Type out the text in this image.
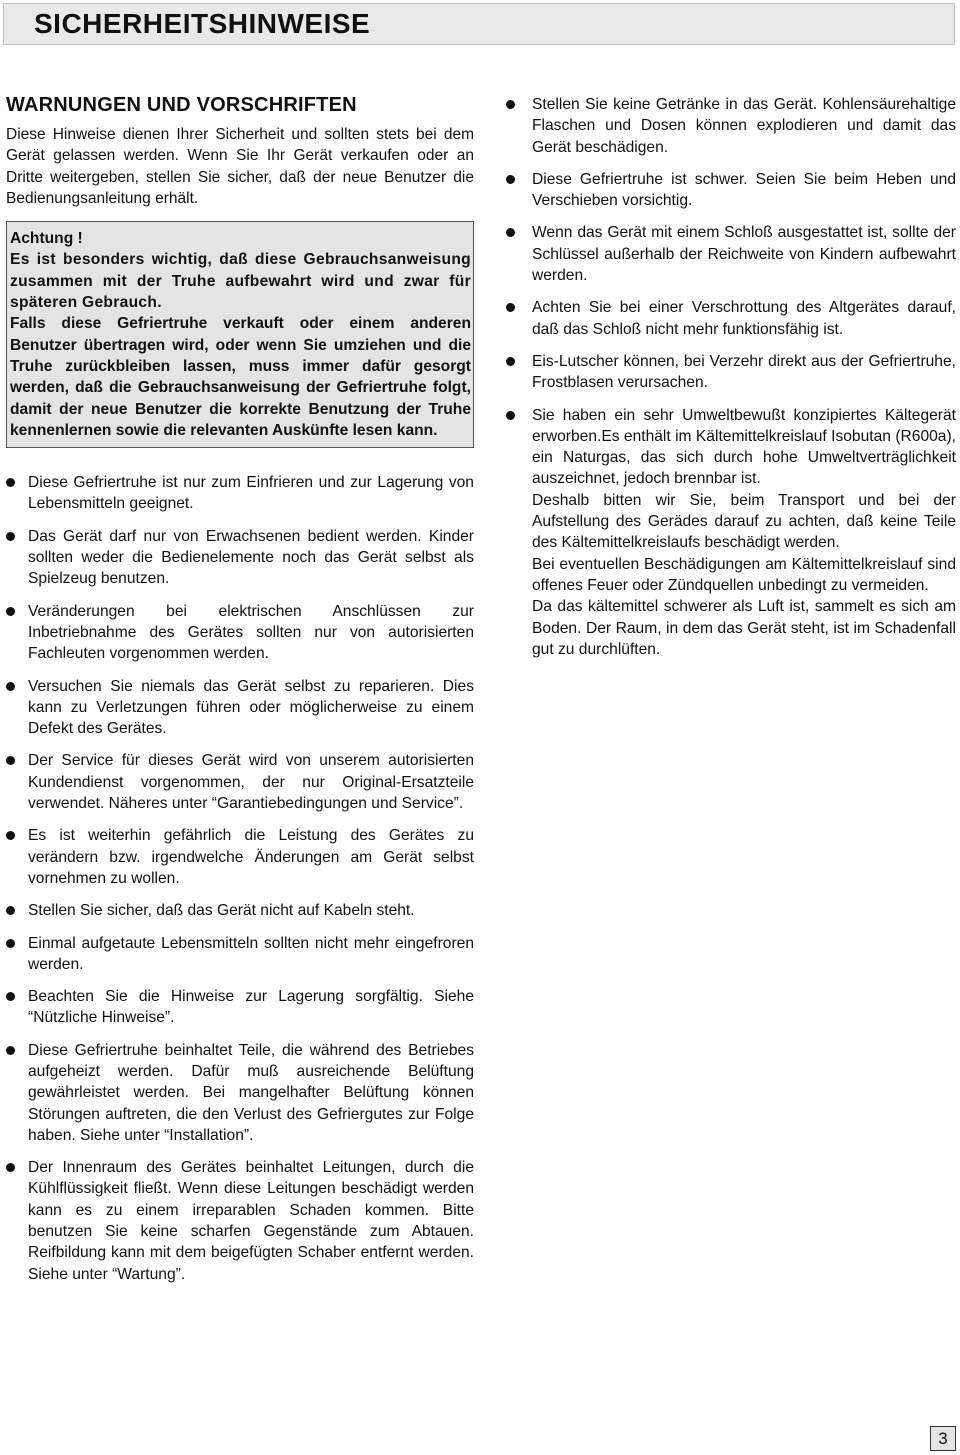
SICHERHEITSHINWEISE
WARNUNGEN UND VORSCHRIFTEN

Diese Hinweise dienen Ihrer Sicherheit und sollten stets bei dem Gerät gelassen werden. Wenn Sie Ihr Gerät verkaufen oder an Dritte weitergeben, stellen Sie sicher, daß der neue Benutzer die Bedienungsanleitung erhält.

Achtung !

Es ist besonders wichtig, daß diese Gebrauchsanweisung zusammen mit der Truhe aufbewahrt wird und zwar für späteren Gebrauch.

Falls diese Gefriertruhe verkauft oder einem anderen Benutzer übertragen wird, oder wenn Sie umziehen und die Truhe zurückbleiben lassen, muss immer dafür gesorgt werden, daß die Gebrauchsanweisung der Gefriertruhe folgt, damit der neue Benutzer die korrekte Benutzung der Truhe kennenlernen sowie die relevanten Auskünfte lesen kann.

Diese Gefriertruhe ist nur zum Einfrieren und zur Lagerung von Lebensmitteln geeignet.
Das Gerät darf nur von Erwachsenen bedient werden. Kinder sollten weder die Bedienelemente noch das Gerät selbst als Spielzeug benutzen.
Veränderungen bei elektrischen Anschlüssen zur Inbetriebnahme des Gerätes sollten nur von autorisierten Fachleuten vorgenommen werden.
Versuchen Sie niemals das Gerät selbst zu reparieren. Dies kann zu Verletzungen führen oder möglicherweise zu einem Defekt des Gerätes.
Der Service für dieses Gerät wird von unserem autorisierten Kundendienst vorgenommen, der nur Original-Ersatzteile verwendet. Näheres unter “Garantiebedingungen und Service”.
Es ist weiterhin gefährlich die Leistung des Gerätes zu verändern bzw. irgendwelche Änderungen am Gerät selbst vornehmen zu wollen.
Stellen Sie sicher, daß das Gerät nicht auf Kabeln steht.
Einmal aufgetaute Lebensmitteln sollten nicht mehr eingefroren werden.
Beachten Sie die Hinweise zur Lagerung sorgfältig. Siehe “Nützliche Hinweise”.
Diese Gefriertruhe beinhaltet Teile, die während des Betriebes aufgeheizt werden. Dafür muß ausreichende Belüftung gewährleistet werden. Bei mangelhafter Belüftung können Störungen auftreten, die den Verlust des Gefriergutes zur Folge haben. Siehe unter “Installation”.
Der Innenraum des Gerätes beinhaltet Leitungen, durch die Kühlflüssigkeit fließt. Wenn diese Leitungen beschädigt werden kann es zu einem irreparablen Schaden kommen. Bitte benutzen Sie keine scharfen Gegenstände zum Abtauen. Reifbildung kann mit dem beigefügten Schaber entfernt werden. Siehe unter “Wartung”.
Stellen Sie keine Getränke in das Gerät. Kohlensäurehaltige Flaschen und Dosen können explodieren und damit das Gerät beschädigen.
Diese Gefriertruhe ist schwer. Seien Sie beim Heben und Verschieben vorsichtig.
Wenn das Gerät mit einem Schloß ausgestattet ist, sollte der Schlüssel außerhalb der Reichweite von Kindern aufbewahrt werden.
Achten Sie bei einer Verschrottung des Altgerätes darauf, daß das Schloß nicht mehr funktionsfähig ist.
Eis-Lutscher können, bei Verzehr direkt aus der Gefriertruhe, Frostblasen verursachen.
Sie haben ein sehr Umweltbewußt konzipiertes Kältegerät erworben.Es enthält im Kältemittelkreislauf Isobutan (R600a), ein Naturgas, das sich durch hohe Umweltverträglichkeit auszeichnet, jedoch brennbar ist.
Deshalb bitten wir Sie, beim Transport und bei der Aufstellung des Gerädes darauf zu achten, daß keine Teile des Kältemittelkreislaufs beschädigt werden.
Bei eventuellen Beschädigungen am Kältemittelkreislauf sind offenes Feuer oder Zündquellen unbedingt zu vermeiden.
Da das kältemittel schwerer als Luft ist, sammelt es sich am Boden. Der Raum, in dem das Gerät steht, ist im Schadenfall gut zu durchlüften.
3
